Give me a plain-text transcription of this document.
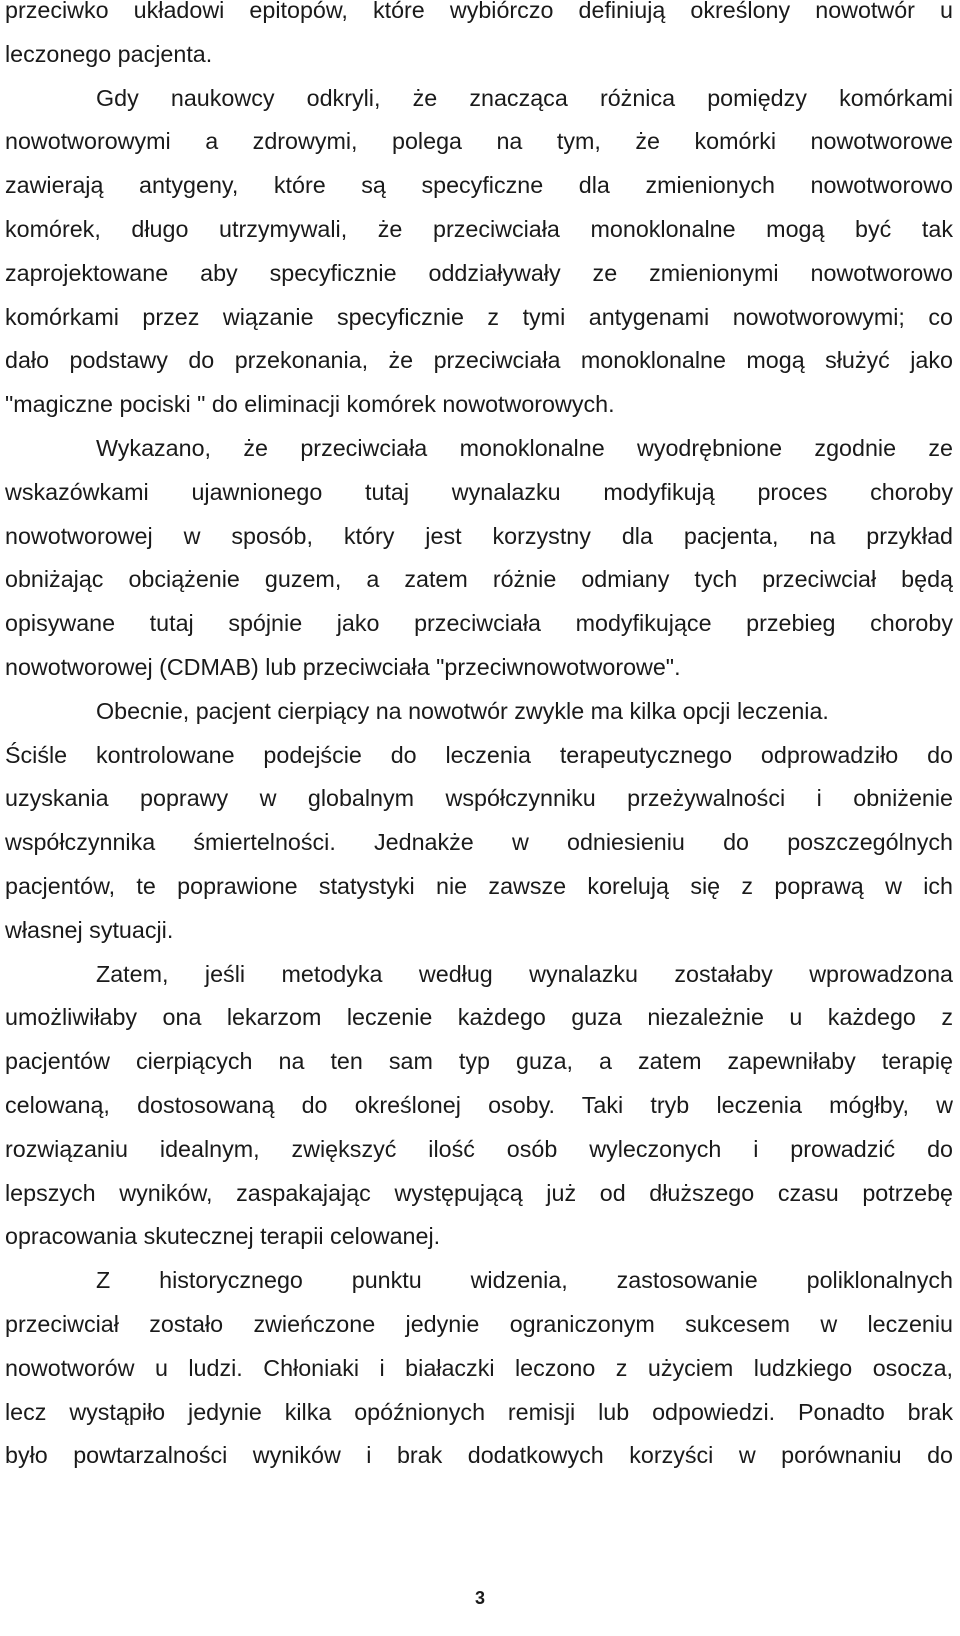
przeciwko układowi epitopów, które wybiórczo definiują określony nowotwór u
leczonego pacjenta.
Gdy naukowcy odkryli, że znacząca różnica pomiędzy komórkami
nowotworowymi a zdrowymi, polega na tym, że komórki nowotworowe
zawierają antygeny, które są specyficzne dla zmienionych nowotworowo
komórek, długo utrzymywali, że przeciwciała monoklonalne mogą być tak
zaprojektowane aby specyficznie oddziaływały ze zmienionymi nowotworowo
komórkami przez wiązanie specyficznie z tymi antygenami nowotworowymi; co
dało podstawy do przekonania, że przeciwciała monoklonalne mogą służyć jako
"magiczne pociski " do eliminacji komórek nowotworowych.
Wykazano, że przeciwciała monoklonalne wyodrębnione zgodnie ze
wskazówkami ujawnionego tutaj wynalazku modyfikują proces choroby
nowotworowej w sposób, który jest korzystny dla pacjenta, na przykład
obniżając obciążenie guzem, a zatem różnie odmiany tych przeciwciał będą
opisywane tutaj spójnie jako przeciwciała modyfikujące przebieg choroby
nowotworowej (CDMAB) lub przeciwciała "przeciwnowotworowe".
Obecnie, pacjent cierpiący na nowotwór zwykle ma kilka opcji leczenia.
Ściśle kontrolowane podejście do leczenia terapeutycznego odprowadziło do
uzyskania poprawy w globalnym współczynniku przeżywalności i obniżenie
współczynnika śmiertelności. Jednakże w odniesieniu do poszczególnych
pacjentów, te poprawione statystyki nie zawsze korelują się z poprawą w ich
własnej sytuacji.
Zatem, jeśli metodyka według wynalazku zostałaby wprowadzona
umożliwiłaby ona lekarzom leczenie każdego guza niezależnie u każdego z
pacjentów cierpiących na ten sam typ guza, a zatem zapewniłaby terapię
celowaną, dostosowaną do określonej osoby. Taki tryb leczenia mógłby, w
rozwiązaniu idealnym, zwiększyć ilość osób wyleczonych i prowadzić do
lepszych wyników, zaspakajając występującą już od dłuższego czasu potrzebę
opracowania skutecznej terapii celowanej.
Z historycznego punktu widzenia, zastosowanie poliklonalnych
przeciwciał zostało zwieńczone jedynie ograniczonym sukcesem w leczeniu
nowotworów u ludzi. Chłoniaki i białaczki leczono z użyciem ludzkiego osocza,
lecz wystąpiło jedynie kilka opóźnionych remisji lub odpowiedzi. Ponadto brak
było powtarzalności wyników i brak dodatkowych korzyści w porównaniu do
3
